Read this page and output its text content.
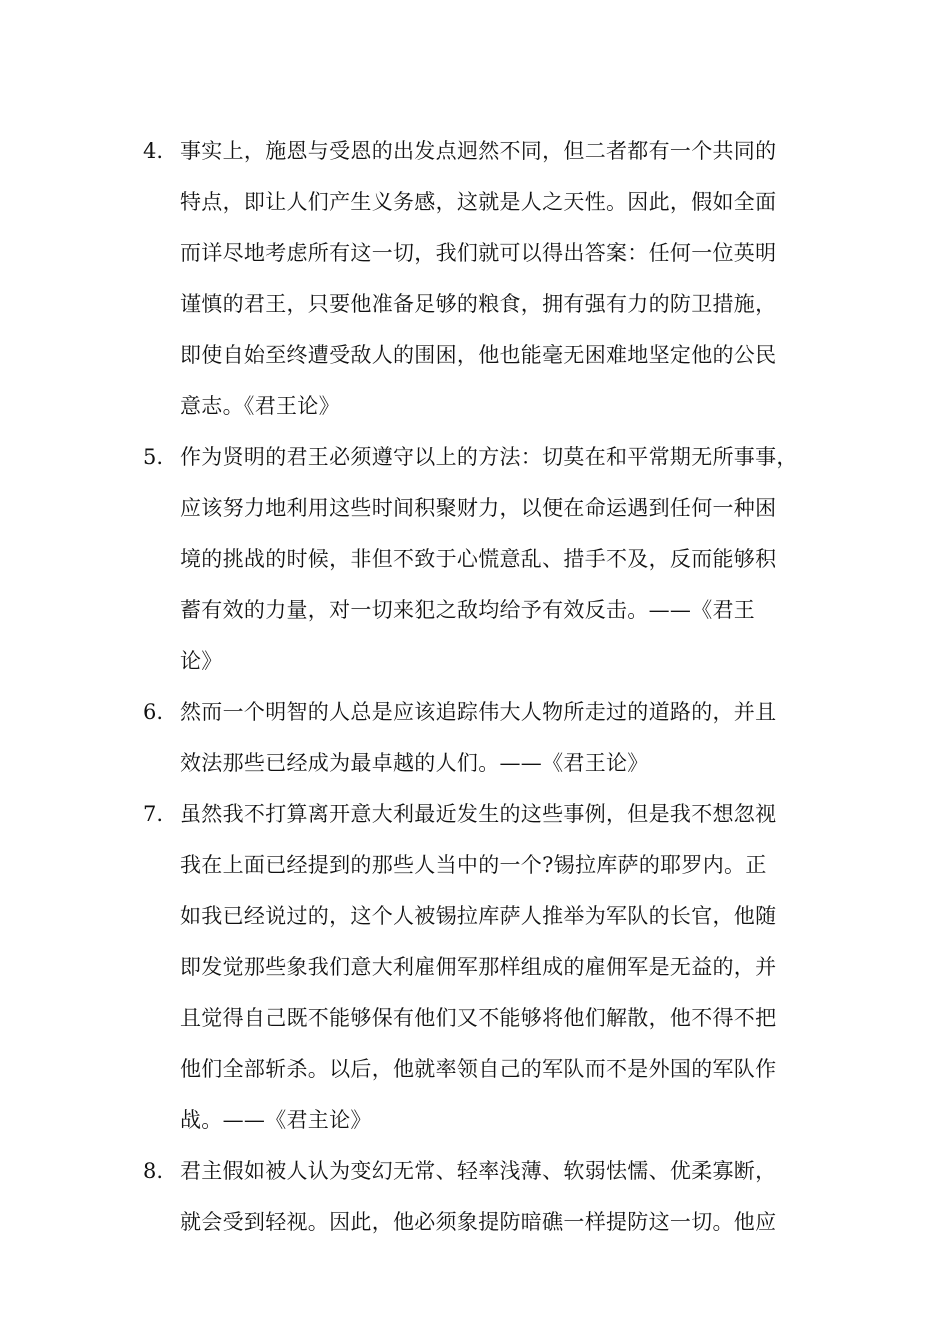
4. 事实上，施恩与受恩的出发点迥然不同，但二者都有一个共同的
特点，即让人们产生义务感，这就是人之天性。因此，假如全面
而详尽地考虑所有这一切，我们就可以得出答案：任何一位英明
谨慎的君王，只要他准备足够的粮食，拥有强有力的防卫措施，
即使自始至终遭受敌人的围困，他也能毫无困难地坚定他的公民
意志。《君王论》
5. 作为贤明的君王必须遵守以上的方法：切莫在和平常期无所事事，
应该努力地利用这些时间积聚财力，以便在命运遇到任何一种困
境的挑战的时候，非但不致于心慌意乱、措手不及，反而能够积
蓄有效的力量，对一切来犯之敌均给予有效反击。——《君王
论》
6. 然而一个明智的人总是应该追踪伟大人物所走过的道路的，并且
效法那些已经成为最卓越的人们。——《君王论》
7. 虽然我不打算离开意大利最近发生的这些事例，但是我不想忽视
我在上面已经提到的那些人当中的一个?锡拉库萨的耶罗内。正
如我已经说过的，这个人被锡拉库萨人推举为军队的长官，他随
即发觉那些象我们意大利雇佣军那样组成的雇佣军是无益的，并
且觉得自己既不能够保有他们又不能够将他们解散，他不得不把
他们全部斩杀。以后，他就率领自己的军队而不是外国的军队作
战。——《君主论》
8. 君主假如被人认为变幻无常、轻率浅薄、软弱怯懦、优柔寡断，
就会受到轻视。因此，他必须象提防暗礁一样提防这一切。他应
